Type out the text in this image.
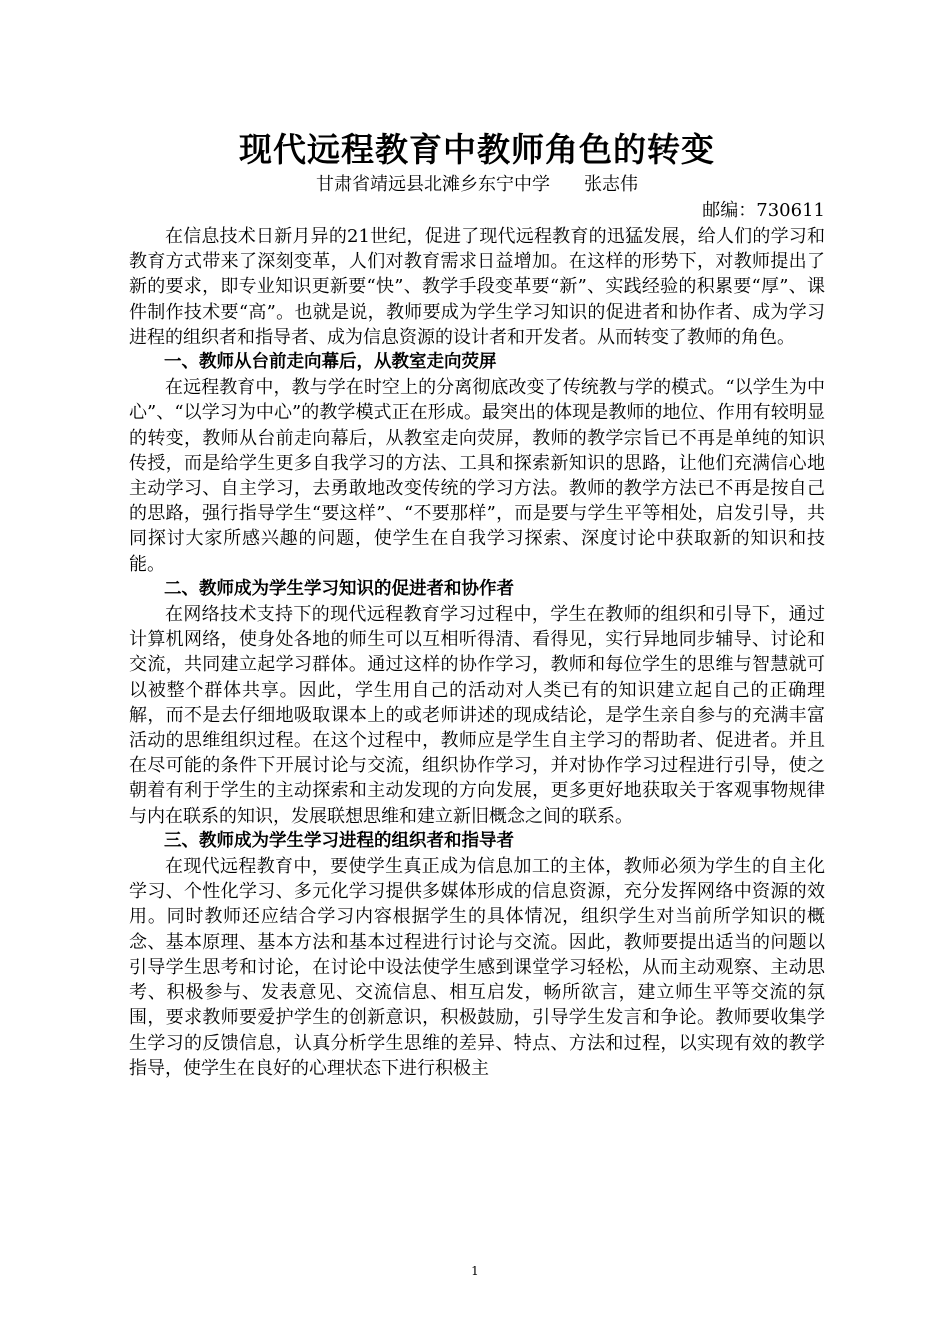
现代远程教育中教师角色的转变

甘肃省靖远县北滩乡东宁中学 张志伟

邮编：730611

在信息技术日新月异的21世纪，促进了现代远程教育的迅猛发展，给人们的学习和教育方式带来了深刻变革，人们对教育需求日益增加。在这样的形势下，对教师提出了新的要求，即专业知识更新要“快”、教学手段变革要“新”、实践经验的积累要“厚”、课件制作技术要“高”。也就是说，教师要成为学生学习知识的促进者和协作者、成为学习进程的组织者和指导者、成为信息资源的设计者和开发者。从而转变了教师的角色。

一、教师从台前走向幕后，从教室走向荧屏

在远程教育中，教与学在时空上的分离彻底改变了传统教与学的模式。“以学生为中心”、“以学习为中心”的教学模式正在形成。最突出的体现是教师的地位、作用有较明显的转变，教师从台前走向幕后，从教室走向荧屏，教师的教学宗旨已不再是单纯的知识传授，而是给学生更多自我学习的方法、工具和探索新知识的思路，让他们充满信心地主动学习、自主学习，去勇敢地改变传统的学习方法。教师的教学方法已不再是按自己的思路，强行指导学生“要这样”、“不要那样”，而是要与学生平等相处，启发引导，共同探讨大家所感兴趣的问题，使学生在自我学习探索、深度讨论中获取新的知识和技能。

二、教师成为学生学习知识的促进者和协作者

在网络技术支持下的现代远程教育学习过程中，学生在教师的组织和引导下，通过计算机网络，使身处各地的师生可以互相听得清、看得见，实行异地同步辅导、讨论和交流，共同建立起学习群体。通过这样的协作学习，教师和每位学生的思维与智慧就可以被整个群体共享。因此，学生用自己的活动对人类已有的知识建立起自己的正确理解，而不是去仔细地吸取课本上的或老师讲述的现成结论，是学生亲自参与的充满丰富活动的思维组织过程。在这个过程中，教师应是学生自主学习的帮助者、促进者。并且在尽可能的条件下开展讨论与交流，组织协作学习，并对协作学习过程进行引导，使之朝着有利于学生的主动探索和主动发现的方向发展，更多更好地获取关于客观事物规律与内在联系的知识，发展联想思维和建立新旧概念之间的联系。

三、教师成为学生学习进程的组织者和指导者

在现代远程教育中，要使学生真正成为信息加工的主体，教师必须为学生的自主化学习、个性化学习、多元化学习提供多媒体形成的信息资源，充分发挥网络中资源的效用。同时教师还应结合学习内容根据学生的具体情况，组织学生对当前所学知识的概念、基本原理、基本方法和基本过程进行讨论与交流。因此，教师要提出适当的问题以引导学生思考和讨论，在讨论中设法使学生感到课堂学习轻松，从而主动观察、主动思考、积极参与、发表意见、交流信息、相互启发，畅所欲言，建立师生平等交流的氛围，要求教师要爱护学生的创新意识，积极鼓励，引导学生发言和争论。教师要收集学生学习的反馈信息，认真分析学生思维的差异、特点、方法和过程，以实现有效的教学指导，使学生在良好的心理状态下进行积极主

1
